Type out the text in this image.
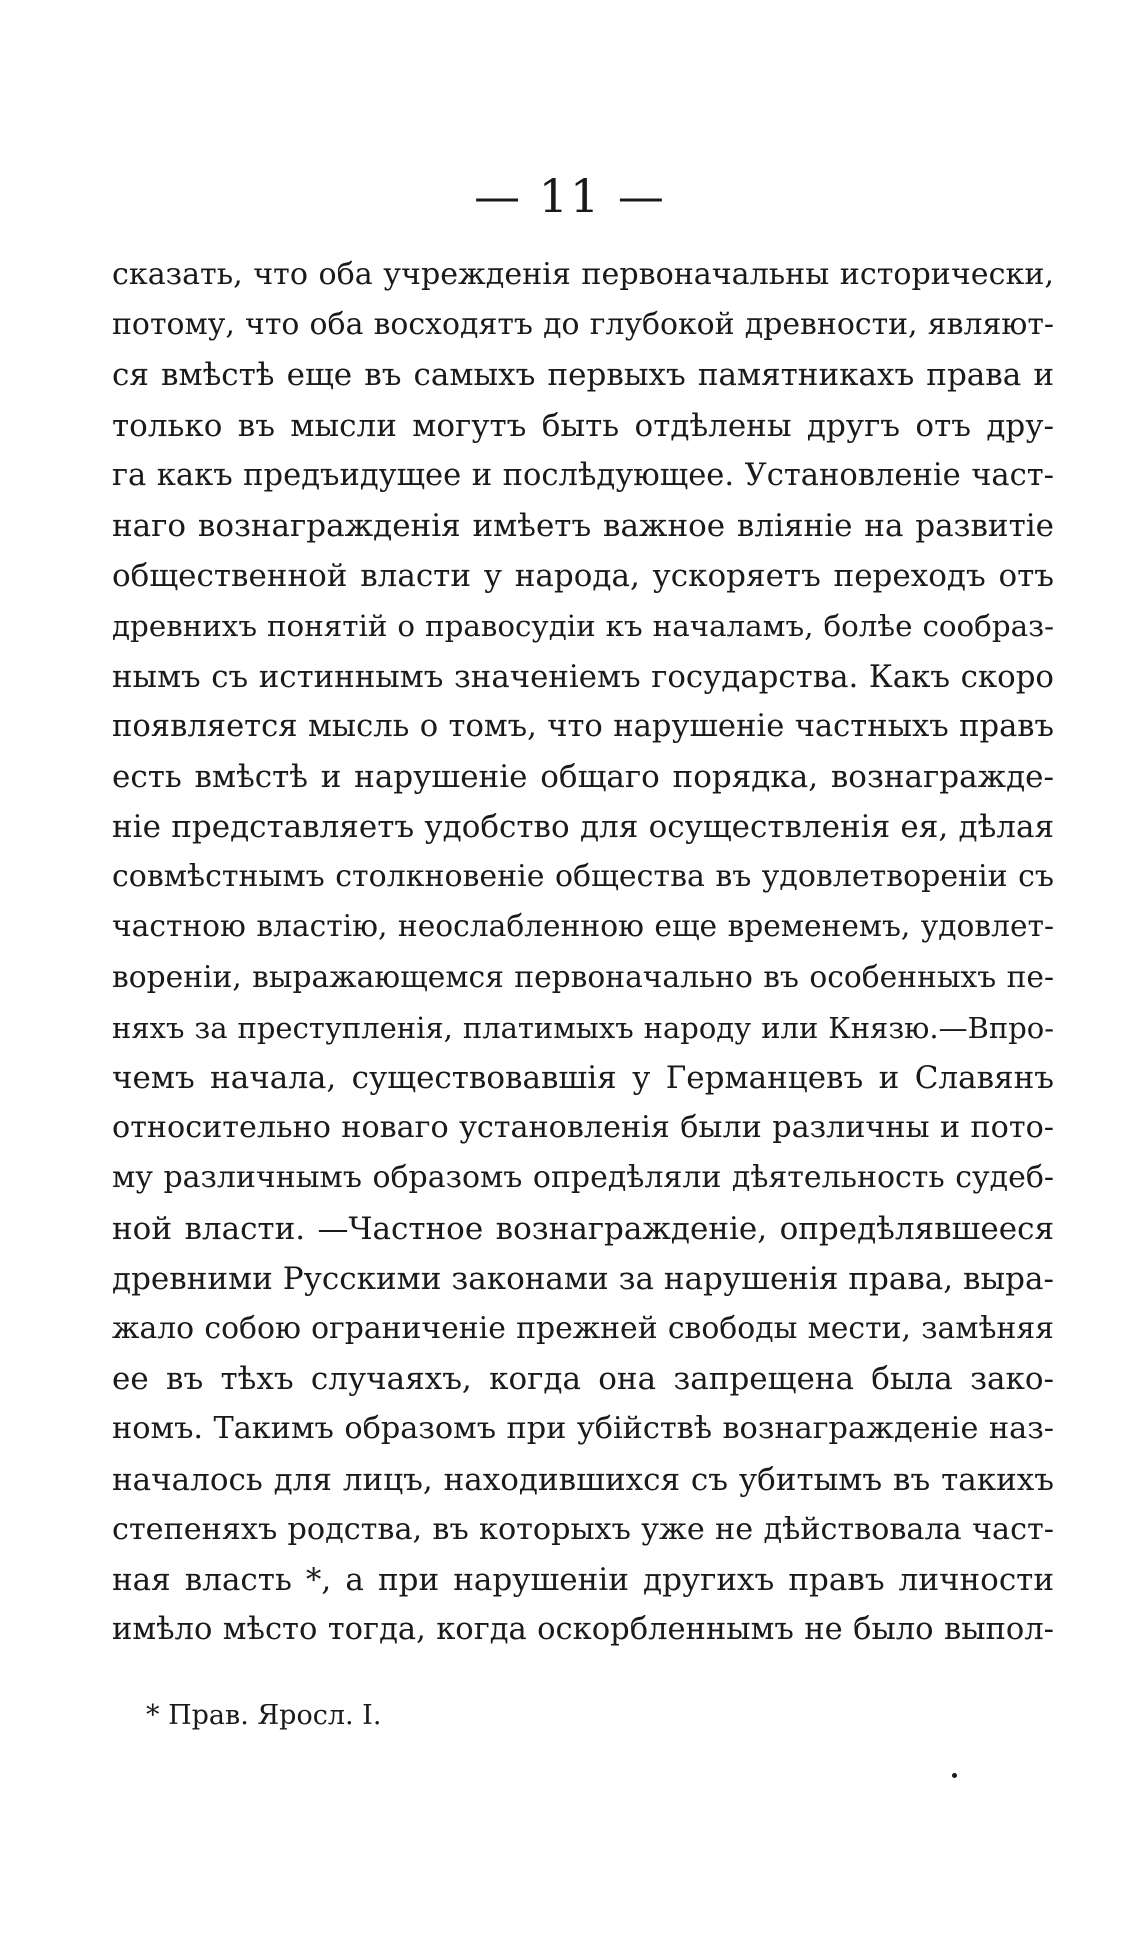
— 11 —
сказать, что оба учрежденія первоначальны исторически,
потому, что оба восходятъ до глубокой древности, являют-
ся вмѣстѣ еще въ самыхъ первыхъ памятникахъ права и
только въ мысли могутъ быть отдѣлены другъ отъ дру-
га какъ предъидущее и послѣдующее. Установленіе част-
наго вознагражденія имѣетъ важное вліяніе на развитіе
общественной власти у народа, ускоряетъ переходъ отъ
древнихъ понятій о правосудіи къ началамъ, болѣе сообраз-
нымъ съ истиннымъ значеніемъ государства. Какъ скоро
появляется мысль о томъ, что нарушеніе частныхъ правъ
есть вмѣстѣ и нарушеніе общаго порядка, вознагражде-
ніе представляетъ удобство для осуществленія ея, дѣлая
совмѣстнымъ столкновеніе общества въ удовлетвореніи съ
частною властію, неослабленною еще временемъ, удовлет-
вореніи, выражающемся первоначально въ особенныхъ пе-
няхъ за преступленія, платимыхъ народу или Князю.—Впро-
чемъ начала, существовавшія у Германцевъ и Славянъ
относительно новаго установленія были различны и пото-
му различнымъ образомъ опредѣляли дѣятельность судеб-
ной власти. —Частное вознагражденіе, опредѣлявшееся
древними Русскими законами за нарушенія права, выра-
жало собою ограниченіе прежней свободы мести, замѣняя
ее въ тѣхъ случаяхъ, когда она запрещена была зако-
номъ. Такимъ образомъ при убійствѣ вознагражденіе наз-
началось для лицъ, находившихся съ убитымъ въ такихъ
степеняхъ родства, въ которыхъ уже не дѣйствовала част-
ная власть *, а при нарушеніи другихъ правъ личности
имѣло мѣсто тогда, когда оскорбленнымъ не было выпол-
* Прав. Яросл. I.
